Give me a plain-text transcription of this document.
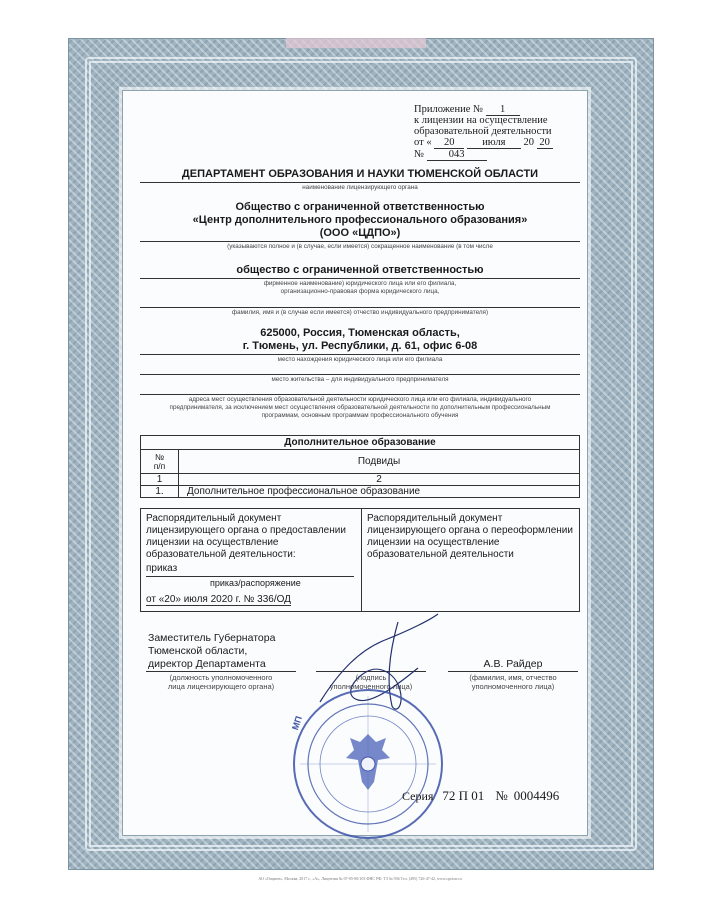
АО «Опцион», Москва, 2017 г., «А», Лицензия № 07-05-00/103 ФНС РФ, ТЗ № 936 Тел. (495) 726-47-42, www.opcion.ru
Приложение № 1
к лицензии на осуществление
образовательной деятельности
от « 20	июля 20 20
№ 043
ДЕПАРТАМЕНТ ОБРАЗОВАНИЯ И НАУКИ ТЮМЕНСКОЙ ОБЛАСТИ
наименование лицензирующего органа
Общество с ограниченной ответственностью
«Центр дополнительного профессионального образования»
(ООО «ЦДПО»)
(указываются полное и (в случае, если имеется) сокращенное наименование (в том числе
общество с ограниченной ответственностью
фирменное наименование) юридического лица или его филиала,
организационно-правовая форма юридического лица,
фамилия, имя и (в случае если имеется) отчество индивидуального предпринимателя)
625000, Россия, Тюменская область,
г. Тюмень, ул. Республики, д. 61, офис 6-08
место нахождения юридического лица или его филиала
место жительства – для индивидуального предпринимателя
адреса мест осуществления образовательной деятельности юридического лица или его филиала, индивидуального
предпринимателя, за исключением мест осуществления образовательной деятельности по дополнительным профессиональным
программам, основным программам профессионального обучения
Дополнительное образование	

№
п/п	Подвиды
1	2
1.	Дополнительное профессиональное образование
Распорядительный документ
лицензирующего органа о предоставлении
лицензии на осуществление
образовательной деятельности:
приказ
приказ/распоряжение
от «20» июля 2020 г. № 336/ОД
Распорядительный документ
лицензирующего органа о переоформлении
лицензии на осуществление
образовательной деятельности
Заместитель Губернатора
Тюменской области,
директор Департамента
(должность уполномоченного
лица лицензирующего органа)
(подпись
уполномоченного лица)
А.В. Райдер
(фамилия, имя, отчество
уполномоченного лица)
МП
Серия 72 П 01 № 0004496
